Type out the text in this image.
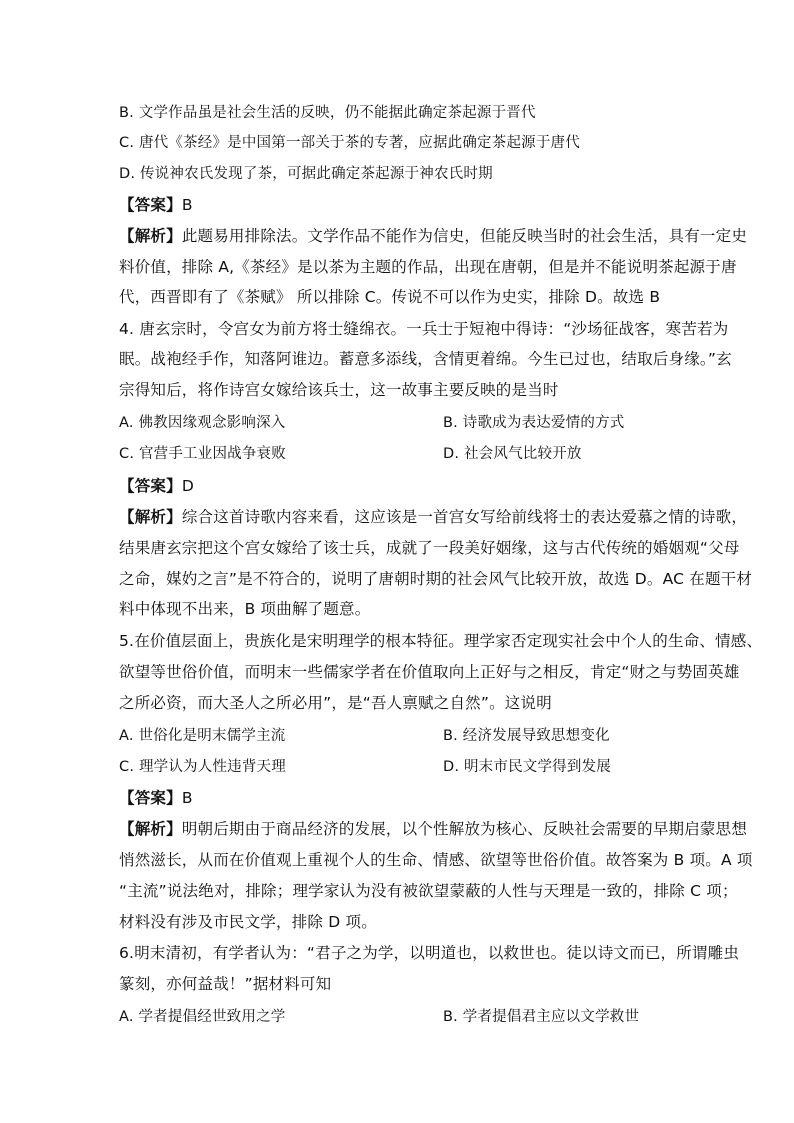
B. 文学作品虽是社会生活的反映，仍不能据此确定茶起源于晋代
C. 唐代《茶经》是中国第一部关于茶的专著，应据此确定茶起源于唐代
D. 传说神农氏发现了茶，可据此确定茶起源于神农氏时期
【答案】B
【解析】此题易用排除法。文学作品不能作为信史，但能反映当时的社会生活，具有一定史
料价值，排除 A,《茶经》是以茶为主题的作品，出现在唐朝，但是并不能说明茶起源于唐
代，西晋即有了《茶赋》 所以排除 C。传说不可以作为史实，排除 D。故选 B
4. 唐玄宗时，令宫女为前方将士缝绵衣。一兵士于短袍中得诗：“沙场征战客，寒苦若为
眠。战袍经手作，知落阿谁边。蓄意多添线，含情更着绵。今生已过也，结取后身缘。”玄
宗得知后，将作诗宫女嫁给该兵士，这一故事主要反映的是当时
A. 佛教因缘观念影响深入	B. 诗歌成为表达爱情的方式
C. 官营手工业因战争衰败	D. 社会风气比较开放
【答案】D
【解析】综合这首诗歌内容来看，这应该是一首宫女写给前线将士的表达爱慕之情的诗歌，
结果唐玄宗把这个宫女嫁给了该士兵，成就了一段美好姻缘，这与古代传统的婚姻观“父母
之命，媒妁之言”是不符合的，说明了唐朝时期的社会风气比较开放，故选 D。AC 在题干材
料中体现不出来，B 项曲解了题意。
5.在价值层面上，贵族化是宋明理学的根本特征。理学家否定现实社会中个人的生命、情感、
欲望等世俗价值，而明末一些儒家学者在价值取向上正好与之相反，肯定“财之与势固英雄
之所必资，而大圣人之所必用”，是“吾人禀赋之自然”。这说明
A. 世俗化是明末儒学主流	B. 经济发展导致思想变化
C. 理学认为人性违背天理	D. 明末市民文学得到发展
【答案】B
【解析】明朝后期由于商品经济的发展，以个性解放为核心、反映社会需要的早期启蒙思想
悄然滋长，从而在价值观上重视个人的生命、情感、欲望等世俗价值。故答案为 B 项。A 项
“主流”说法绝对，排除；理学家认为没有被欲望蒙蔽的人性与天理是一致的，排除 C 项；
材料没有涉及市民文学，排除 D 项。
6.明末清初，有学者认为：“君子之为学，以明道也，以救世也。徒以诗文而已，所谓雕虫
篆刻，亦何益哉！”据材料可知
A. 学者提倡经世致用之学	B. 学者提倡君主应以文学救世
